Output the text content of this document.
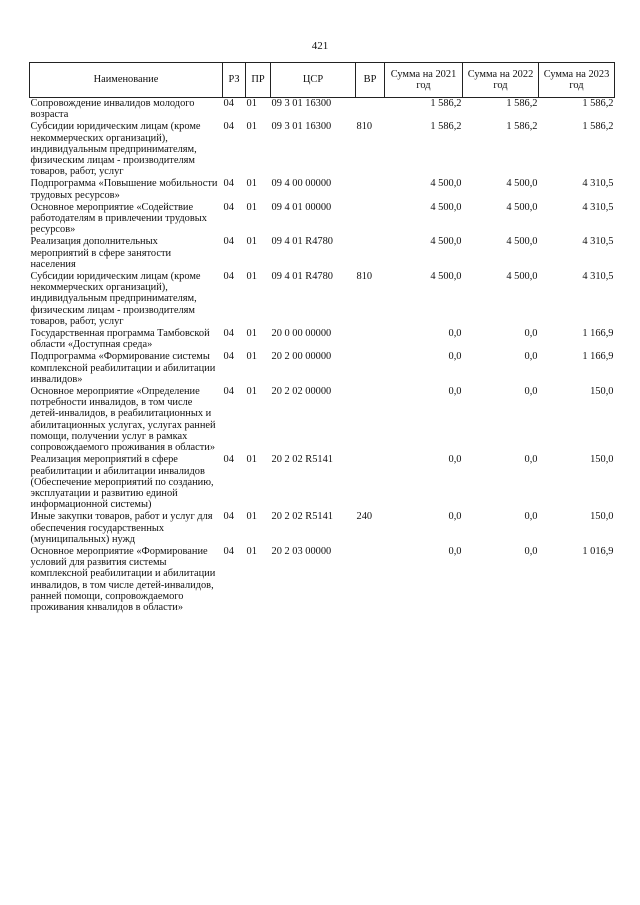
421
Наименование	РЗ	ПР	ЦСР	ВР	Сумма на 2021 год	Сумма на 2022 год	Сумма на 2023 год
Сопровождение инвалидов молодого возраста	04	01	09 3 01 16300		1 586,2	1 586,2	1 586,2
Субсидии юридическим лицам (кроме некоммерческих организаций), индивидуальным предпринимателям, физическим лицам - производителям товаров, работ, услуг	04	01	09 3 01 16300	810	1 586,2	1 586,2	1 586,2
Подпрограмма «Повышение мобильности трудовых ресурсов»	04	01	09 4 00 00000		4 500,0	4 500,0	4 310,5
Основное мероприятие «Содействие работодателям в привлечении трудовых ресурсов»	04	01	09 4 01 00000		4 500,0	4 500,0	4 310,5
Реализация дополнительных мероприятий в сфере занятости населения	04	01	09 4 01 R4780		4 500,0	4 500,0	4 310,5
Субсидии юридическим лицам (кроме некоммерческих организаций), индивидуальным предпринимателям, физическим лицам - производителям товаров, работ, услуг	04	01	09 4 01 R4780	810	4 500,0	4 500,0	4 310,5
Государственная программа Тамбовской области «Доступная среда»	04	01	20 0 00 00000		0,0	0,0	1 166,9
Подпрограмма «Формирование системы комплексной реабилитации и абилитации инвалидов»	04	01	20 2 00 00000		0,0	0,0	1 166,9
Основное мероприятие «Определение потребности инвалидов, в том числе детей-инвалидов, в реабилитационных и абилитационных услугах, услугах ранней помощи, получении услуг в рамках сопровождаемого проживания в области»	04	01	20 2 02 00000		0,0	0,0	150,0
Реализация мероприятий в сфере реабилитации и абилитации инвалидов (Обеспечение мероприятий по созданию, эксплуатации и развитию единой информационной системы)	04	01	20 2 02 R5141		0,0	0,0	150,0
Иные закупки товаров, работ и услуг для обеспечения государственных (муниципальных) нужд	04	01	20 2 02 R5141	240	0,0	0,0	150,0
Основное мероприятие «Формирование условий для развития системы комплексной реабилитации и абилитации инвалидов, в том числе детей-инвалидов, ранней помощи, сопровождаемого проживания кнвалидов в области»	04	01	20 2 03 00000		0,0	0,0	1 016,9
